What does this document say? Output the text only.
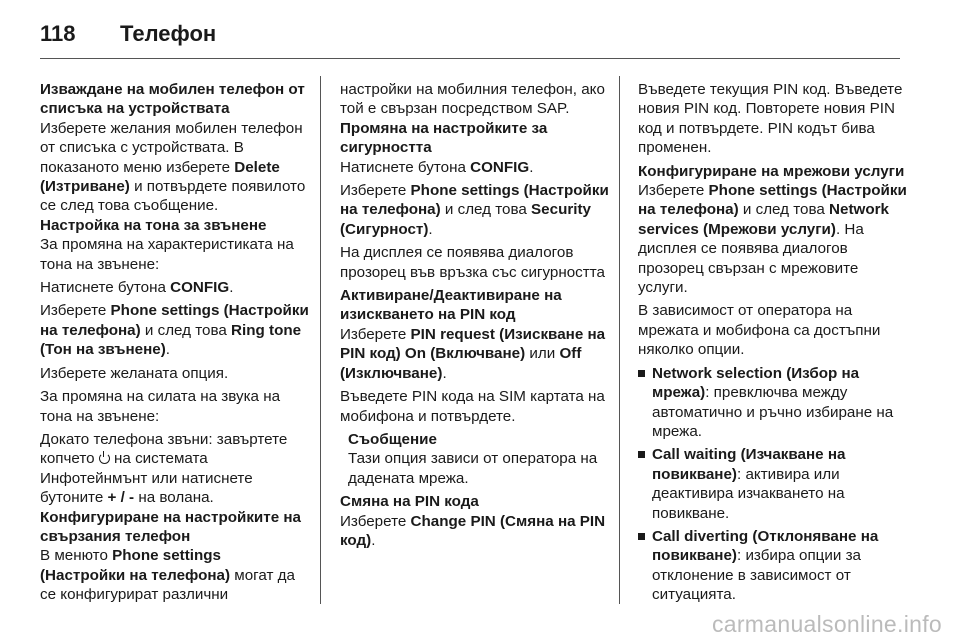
118	Телефон
Изваждане на мобилен телефон от списъка на устройствата
Изберете желания мобилен телефон от списъка с устройствата. В показаното меню изберете Delete (Изтриване) и потвърдете появилото се след това съобщение.
Настройка на тона за звънене
За промяна на характеристиката на тона на звънене:
Натиснете бутона CONFIG.
Изберете Phone settings (Настройки на телефона) и след това Ring tone (Тон на звънене).
Изберете желаната опция.
За промяна на силата на звука на тона на звънене:
Докато телефона звъни: завъртете копчето  на системата Инфотейнмънт или натиснете бутоните + / - на волана.
Конфигуриране на настройките на свързания телефон
В менюто Phone settings (Настройки на телефона) могат да се конфигурират различни
настройки на мобилния телефон, ако той е свързан посредством SAP.
Промяна на настройките за сигурността
Натиснете бутона CONFIG.
Изберете Phone settings (Настройки на телефона) и след това Security (Сигурност).
На дисплея се появява диалогов прозорец във връзка със сигурността
Активиране/Деактивиране на изискването на PIN код
Изберете PIN request (Изискване на PIN код) On (Включване) или Off (Изключване).
Въведете PIN кода на SIM картата на мобифона и потвърдете.
Съобщение
Тази опция зависи от оператора на дадената мрежа.
Смяна на PIN кода
Изберете Change PIN (Смяна на PIN код).
Въведете текущия PIN код. Въведете новия PIN код. Повторете новия PIN код и потвърдете. PIN кодът бива променен.
Конфигуриране на мрежови услуги
Изберете Phone settings (Настройки на телефона) и след това Network services (Мрежови услуги). На дисплея се появява диалогов прозорец свързан с мрежовите услуги.
В зависимост от оператора на мрежата и мобифона са достъпни няколко опции.
Network selection (Избор на мрежа): превключва между автоматично и ръчно избиране на мрежа.
Call waiting (Изчакване на повикване): активира или деактивира изчакването на повикване.
Call diverting (Отклоняване на повикване): избира опции за отклонение в зависимост от ситуацията.
carmanualsonline.info
